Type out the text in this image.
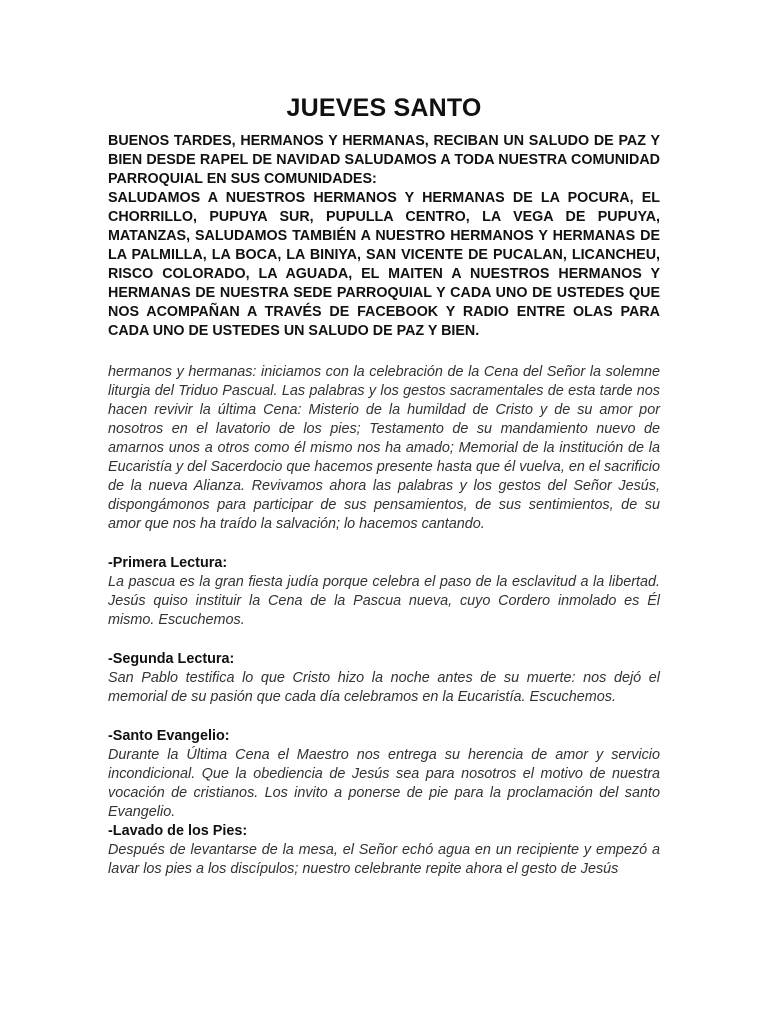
JUEVES SANTO

BUENOS TARDES, HERMANOS Y HERMANAS, RECIBAN UN SALUDO DE PAZ Y BIEN DESDE RAPEL DE NAVIDAD SALUDAMOS A TODA NUESTRA COMUNIDAD PARROQUIAL EN SUS COMUNIDADES:

SALUDAMOS A NUESTROS HERMANOS Y HERMANAS DE LA POCURA, EL CHORRILLO, PUPUYA SUR, PUPULLA CENTRO, LA VEGA DE PUPUYA, MATANZAS, SALUDAMOS TAMBIÉN A NUESTRO HERMANOS Y HERMANAS DE LA PALMILLA, LA BOCA, LA BINIYA, SAN VICENTE DE PUCALAN, LICANCHEU, RISCO COLORADO, LA AGUADA, EL MAITEN A NUESTROS HERMANOS Y HERMANAS DE NUESTRA SEDE PARROQUIAL Y CADA UNO DE USTEDES QUE NOS ACOMPAÑAN A TRAVÉS DE FACEBOOK Y RADIO ENTRE OLAS PARA CADA UNO DE USTEDES UN SALUDO DE PAZ Y BIEN.

hermanos y hermanas: iniciamos con la celebración de la Cena del Señor la solemne liturgia del Triduo Pascual. Las palabras y los gestos sacramentales de esta tarde nos hacen revivir la última Cena: Misterio de la humildad de Cristo y de su amor por nosotros en el lavatorio de los pies; Testamento de su mandamiento nuevo de amarnos unos a otros como él mismo nos ha amado; Memorial de la institución de la Eucaristía y del Sacerdocio que hacemos presente hasta que él vuelva, en el sacrificio de la nueva Alianza. Revivamos ahora las palabras y los gestos del Señor Jesús, dispongámonos para participar de sus pensamientos, de sus sentimientos, de su amor que nos ha traído la salvación; lo hacemos cantando.
-Primera Lectura:
La pascua es la gran fiesta judía porque celebra el paso de la esclavitud a la libertad. Jesús quiso instituir la Cena de la Pascua nueva, cuyo Cordero inmolado es Él mismo. Escuchemos.
-Segunda Lectura:
San Pablo testifica lo que Cristo hizo la noche antes de su muerte: nos dejó el memorial de su pasión que cada día celebramos en la Eucaristía. Escuchemos.
-Santo Evangelio:
Durante la Última Cena el Maestro nos entrega su herencia de amor y servicio incondicional. Que la obediencia de Jesús sea para nosotros el motivo de nuestra vocación de cristianos. Los invito a ponerse de pie para la proclamación del santo Evangelio.
-Lavado de los Pies:
Después de levantarse de la mesa, el Señor echó agua en un recipiente y empezó a lavar los pies a los discípulos; nuestro celebrante repite ahora el gesto de Jesús
